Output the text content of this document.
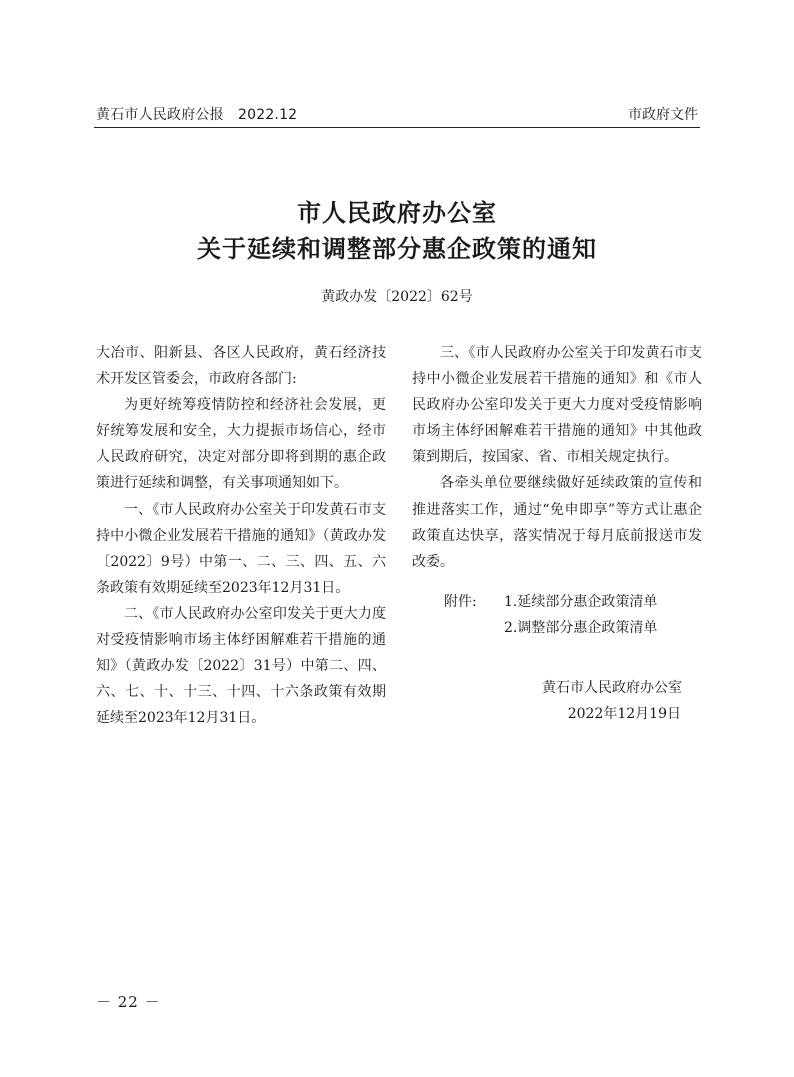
黄石市人民政府公报　2022.12	市政府文件
市人民政府办公室
关于延续和调整部分惠企政策的通知
黄政办发〔2022〕62号

大冶市、阳新县、各区人民政府，黄石经济技术开发区管委会，市政府各部门:

为更好统筹疫情防控和经济社会发展，更好统筹发展和安全，大力提振市场信心，经市人民政府研究，决定对部分即将到期的惠企政策进行延续和调整，有关事项通知如下。

一、《市人民政府办公室关于印发黄石市支持中小微企业发展若干措施的通知》（黄政办发〔2022〕9号）中第一、二、三、四、五、六条政策有效期延续至2023年12月31日。

二、《市人民政府办公室印发关于更大力度对受疫情影响市场主体纾困解难若干措施的通知》（黄政办发〔2022〕31号）中第二、四、六、七、十、十三、十四、十六条政策有效期延续至2023年12月31日。

三、《市人民政府办公室关于印发黄石市支持中小微企业发展若干措施的通知》和《市人民政府办公室印发关于更大力度对受疫情影响市场主体纾困解难若干措施的通知》中其他政策到期后，按国家、省、市相关规定执行。

各牵头单位要继续做好延续政策的宣传和推进落实工作，通过“免申即享”等方式让惠企政策直达快享，落实情况于每月底前报送市发改委。

附件:	1.延续部分惠企政策清单
2.调整部分惠企政策清单
黄石市人民政府办公室
2022年12月19日
－ 22 －
